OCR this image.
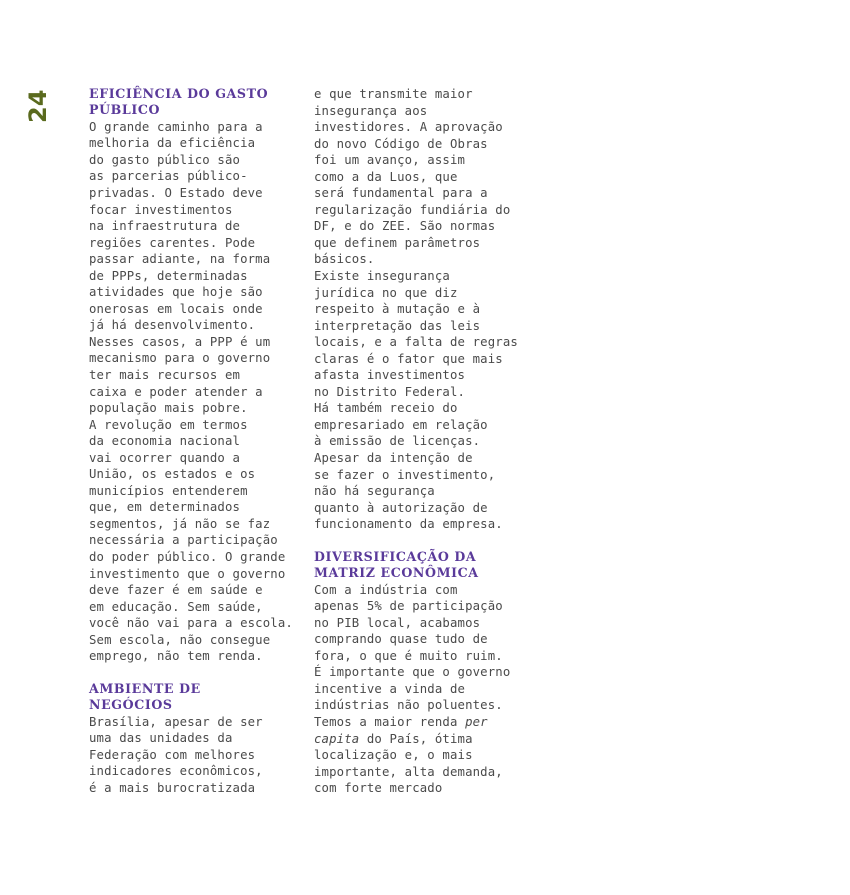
24	EFICIÊNCIA DO GASTO
PÚBLICO
O grande caminho para a
melhoria da eficiência
do gasto público são
as parcerias público-
privadas. O Estado deve
focar investimentos
na infraestrutura de
regiões carentes. Pode
passar adiante, na forma
de PPPs, determinadas
atividades que hoje são
onerosas em locais onde
já há desenvolvimento.
Nesses casos, a PPP é um
mecanismo para o governo
ter mais recursos em
caixa e poder atender a
população mais pobre.
A revolução em termos
da economia nacional
vai ocorrer quando a
União, os estados e os
municípios entenderem
que, em determinados
segmentos, já não se faz
necessária a participação
do poder público. O grande
investimento que o governo
deve fazer é em saúde e
em educação. Sem saúde,
você não vai para a escola.
Sem escola, não consegue
emprego, não tem renda.
AMBIENTE DE
NEGÓCIOS
Brasília, apesar de ser
uma das unidades da
Federação com melhores
indicadores econômicos,
é a mais burocratizada
e que transmite maior
insegurança aos
investidores. A aprovação
do novo Código de Obras
foi um avanço, assim
como a da Luos, que
será fundamental para a
regularização fundiária do
DF, e do ZEE. São normas
que definem parâmetros
básicos.
Existe insegurança
jurídica no que diz
respeito à mutação e à
interpretação das leis
locais, e a falta de regras
claras é o fator que mais
afasta investimentos
no Distrito Federal.
Há também receio do
empresariado em relação
à emissão de licenças.
Apesar da intenção de
se fazer o investimento,
não há segurança
quanto à autorização de
funcionamento da empresa.
DIVERSIFICAÇÃO DA
MATRIZ ECONÔMICA
Com a indústria com
apenas 5% de participação
no PIB local, acabamos
comprando quase tudo de
fora, o que é muito ruim.
É importante que o governo
incentive a vinda de
indústrias não poluentes.
Temos a maior renda per
capita do País, ótima
localização e, o mais
importante, alta demanda,
com forte mercado
